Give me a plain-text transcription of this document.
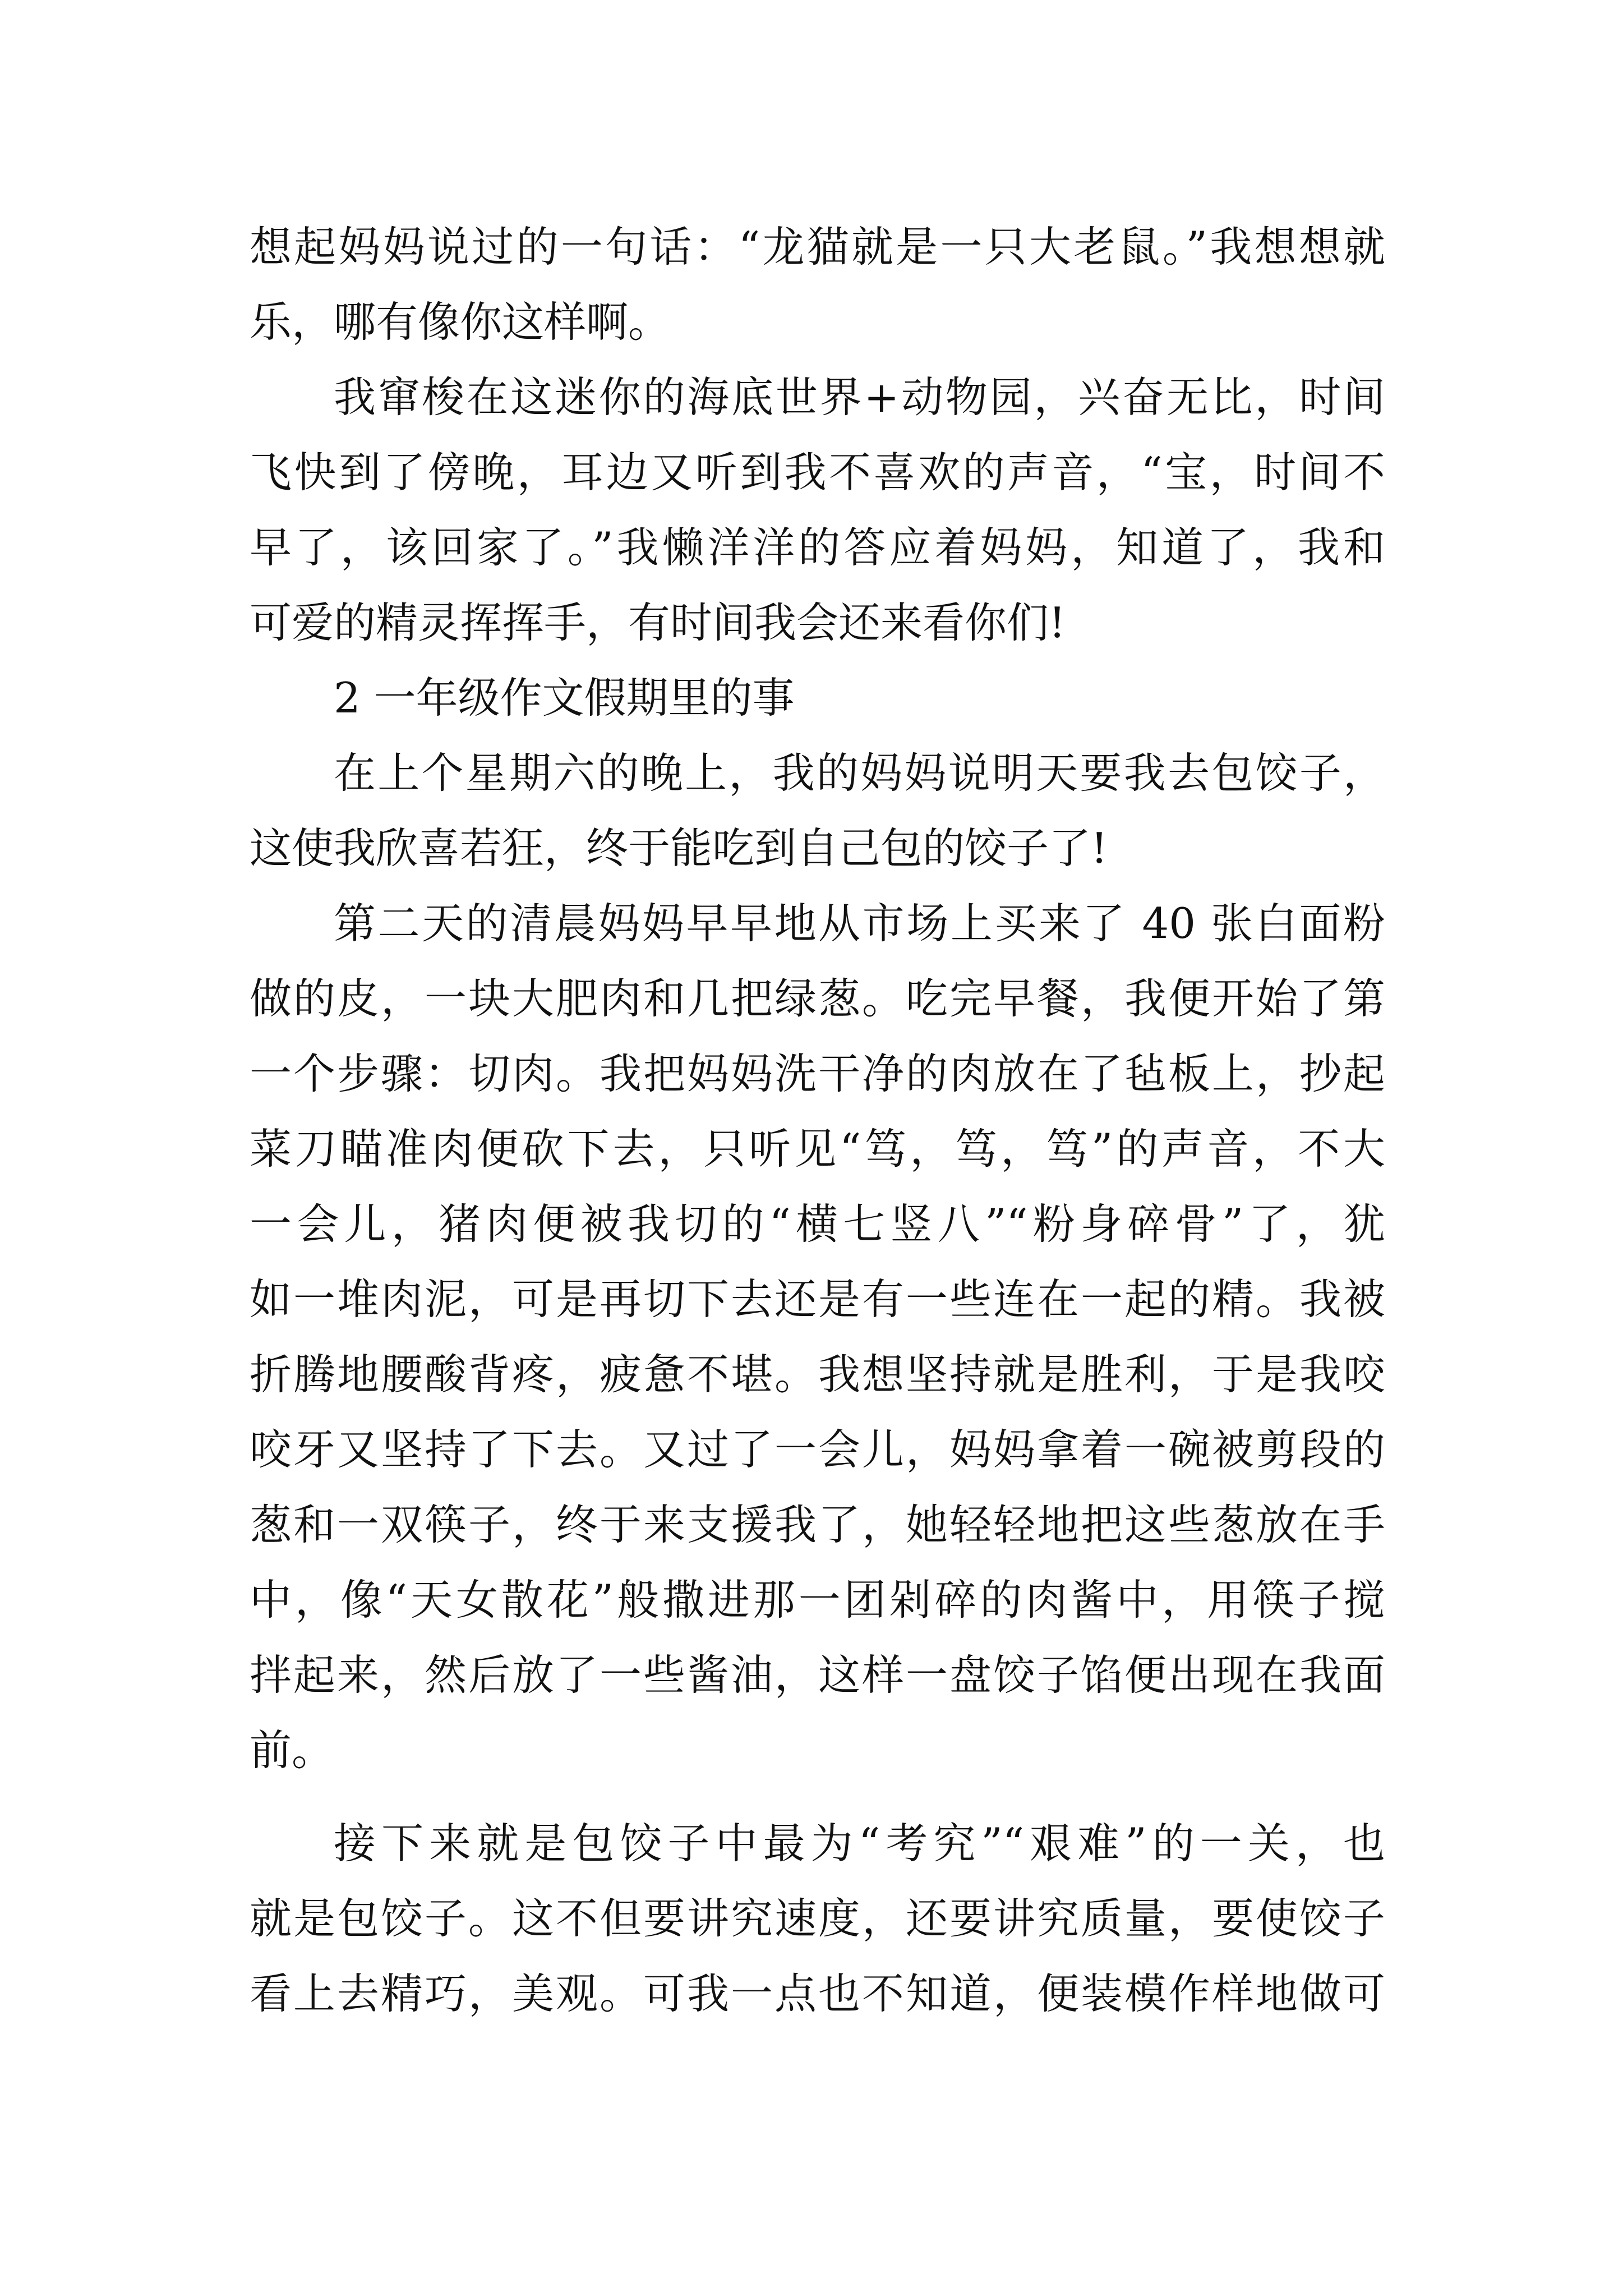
想起妈妈说过的一句话：“龙猫就是一只大老鼠。”我想想就
乐，哪有像你这样啊。
我窜梭在这迷你的海底世界+动物园，兴奋无比，时间
飞快到了傍晚，耳边又听到我不喜欢的声音，“宝，时间不
早了，该回家了。”我懒洋洋的答应着妈妈，知道了，我和
可爱的精灵挥挥手，有时间我会还来看你们!
2 一年级作文假期里的事
在上个星期六的晚上，我的妈妈说明天要我去包饺子，
这使我欣喜若狂，终于能吃到自己包的饺子了!
第二天的清晨妈妈早早地从市场上买来了 40 张白面粉
做的皮，一块大肥肉和几把绿葱。吃完早餐，我便开始了第
一个步骤：切肉。我把妈妈洗干净的肉放在了毡板上，抄起
菜刀瞄准肉便砍下去，只听见“笃，笃，笃”的声音，不大
一会儿，猪肉便被我切的“横七竖八”“粉身碎骨”了，犹
如一堆肉泥，可是再切下去还是有一些连在一起的精。我被
折腾地腰酸背疼，疲惫不堪。我想坚持就是胜利，于是我咬
咬牙又坚持了下去。又过了一会儿，妈妈拿着一碗被剪段的
葱和一双筷子，终于来支援我了，她轻轻地把这些葱放在手
中，像“天女散花”般撒进那一团剁碎的肉酱中，用筷子搅
拌起来，然后放了一些酱油，这样一盘饺子馅便出现在我面
前。
接下来就是包饺子中最为“考究”“艰难”的一关，也
就是包饺子。这不但要讲究速度，还要讲究质量，要使饺子
看上去精巧，美观。可我一点也不知道，便装模作样地做可
